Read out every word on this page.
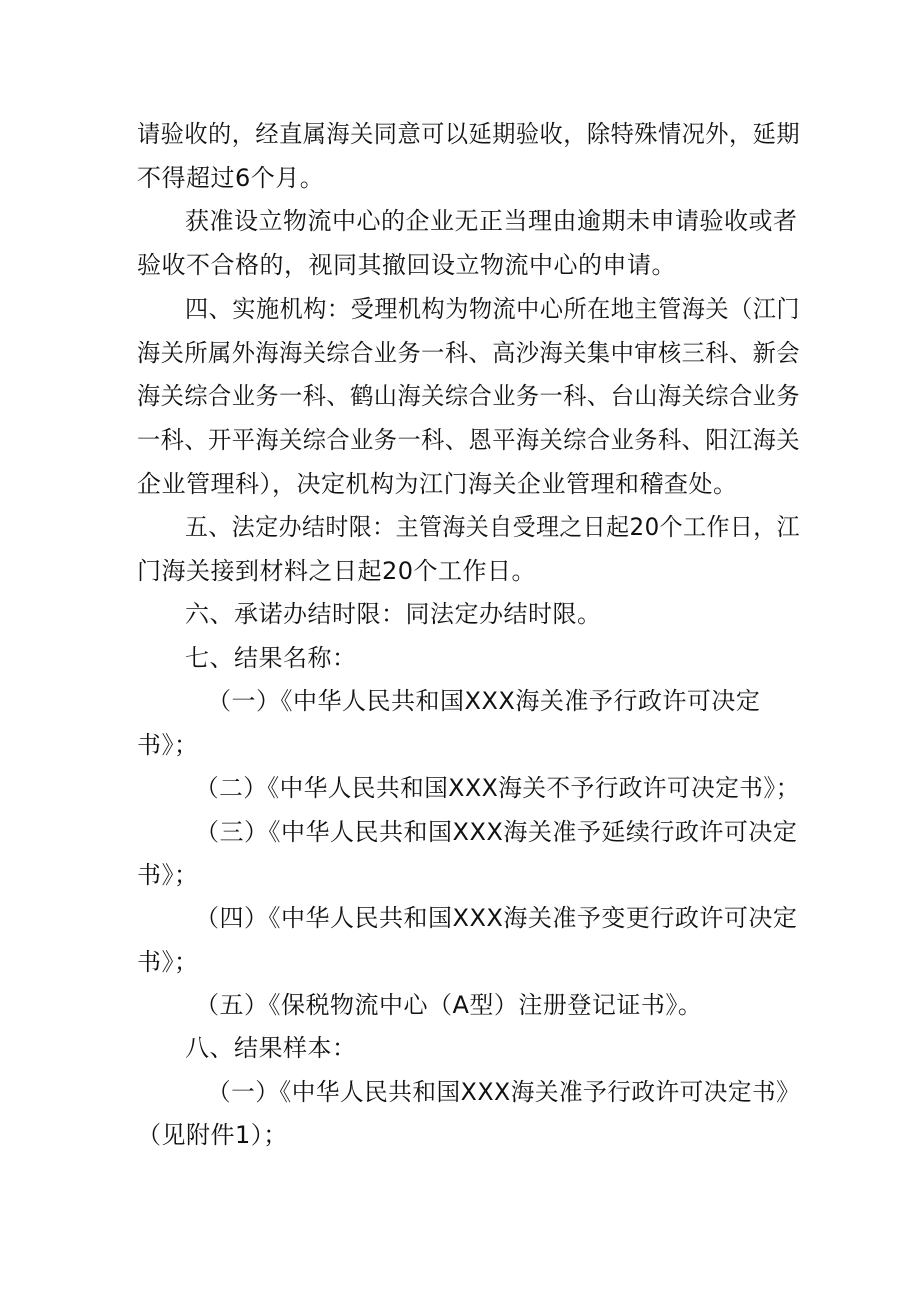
请验收的，经直属海关同意可以延期验收，除特殊情况外，延期
不得超过6个月。
获准设立物流中心的企业无正当理由逾期未申请验收或者
验收不合格的，视同其撤回设立物流中心的申请。
四、实施机构：受理机构为物流中心所在地主管海关（江门
海关所属外海海关综合业务一科、高沙海关集中审核三科、新会
海关综合业务一科、鹤山海关综合业务一科、台山海关综合业务
一科、开平海关综合业务一科、恩平海关综合业务科、阳江海关
企业管理科），决定机构为江门海关企业管理和稽查处。
五、法定办结时限：主管海关自受理之日起20个工作日，江
门海关接到材料之日起20个工作日。
六、承诺办结时限：同法定办结时限。
七、结果名称：
（一）《中华人民共和国XXX海关准予行政许可决定
书》；
（二）《中华人民共和国XXX海关不予行政许可决定书》；
（三）《中华人民共和国XXX海关准予延续行政许可决定
书》；
（四）《中华人民共和国XXX海关准予变更行政许可决定
书》；
（五）《保税物流中心（A型）注册登记证书》。
八、结果样本：
（一）《中华人民共和国XXX海关准予行政许可决定书》
（见附件1）；
